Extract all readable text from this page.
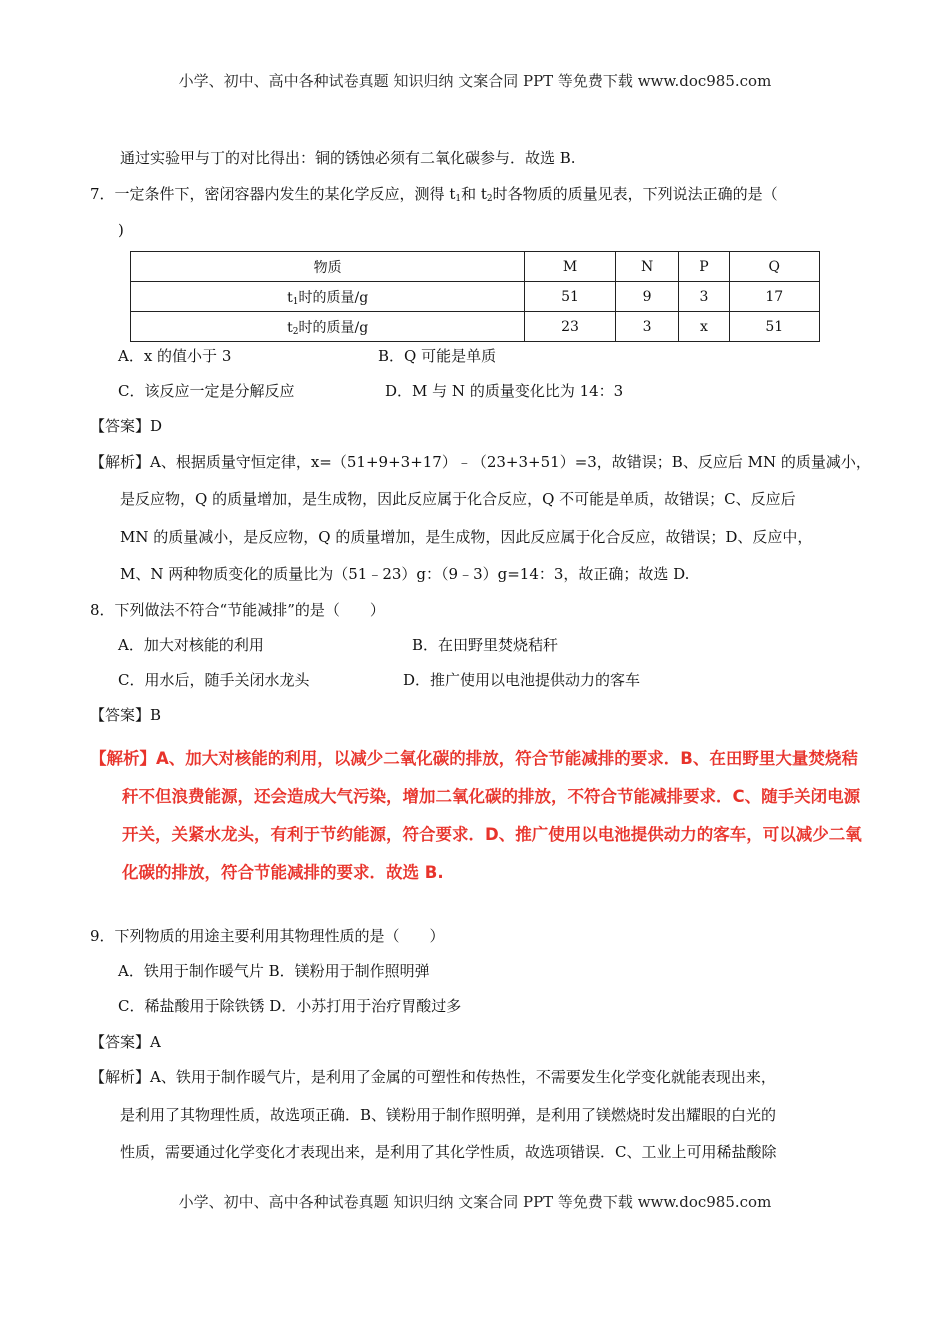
小学、初中、高中各种试卷真题 知识归纳 文案合同 PPT 等免费下载 www.doc985.com
通过实验甲与丁的对比得出：铜的锈蚀必须有二氧化碳参与．故选 B.
7．一定条件下，密闭容器内发生的某化学反应，测得 $t_1$和 $t_2$时各物质的质量见表，下列说法正确的是（
)
物质	M	N	P	Q
$t_1$时的质量/g	51	9	3	17
$t_2$时的质量/g	23	3	x	51
A．x 的值小于 3	B．Q 可能是单质
C．该反应一定是分解反应	D．M 与 N 的质量变化比为 14：3
【答案】D
【解析】A、根据质量守恒定律，x=（51+9+3+17）﹣（23+3+51）=3，故错误；B、反应后 MN 的质量减小，
是反应物，Q 的质量增加，是生成物，因此反应属于化合反应，Q 不可能是单质，故错误；C、反应后
MN 的质量减小，是反应物，Q 的质量增加，是生成物，因此反应属于化合反应，故错误；D、反应中，
M、N 两种物质变化的质量比为（51﹣23）g：（9﹣3）g=14：3，故正确；故选 D.
8．下列做法不符合“节能减排”的是（　　）
A．加大对核能的利用	B．在田野里焚烧秸秆
C．用水后，随手关闭水龙头	D．推广使用以电池提供动力的客车
【答案】B
【解析】A、加大对核能的利用，以减少二氧化碳的排放，符合节能减排的要求．B、在田野里大量焚烧秸
秆不但浪费能源，还会造成大气污染，增加二氧化碳的排放，不符合节能减排要求．C、随手关闭电源
开关，关紧水龙头，有利于节约能源，符合要求．D、推广使用以电池提供动力的客车，可以减少二氧
化碳的排放，符合节能减排的要求．故选 B.
9．下列物质的用途主要利用其物理性质的是（　　）
A．铁用于制作暖气片 B．镁粉用于制作照明弹
C．稀盐酸用于除铁锈 D．小苏打用于治疗胃酸过多
【答案】A
【解析】A、铁用于制作暖气片，是利用了金属的可塑性和传热性，不需要发生化学变化就能表现出来，
是利用了其物理性质，故选项正确．B、镁粉用于制作照明弹，是利用了镁燃烧时发出耀眼的白光的
性质，需要通过化学变化才表现出来，是利用了其化学性质，故选项错误．C、工业上可用稀盐酸除
小学、初中、高中各种试卷真题 知识归纳 文案合同 PPT 等免费下载 www.doc985.com
